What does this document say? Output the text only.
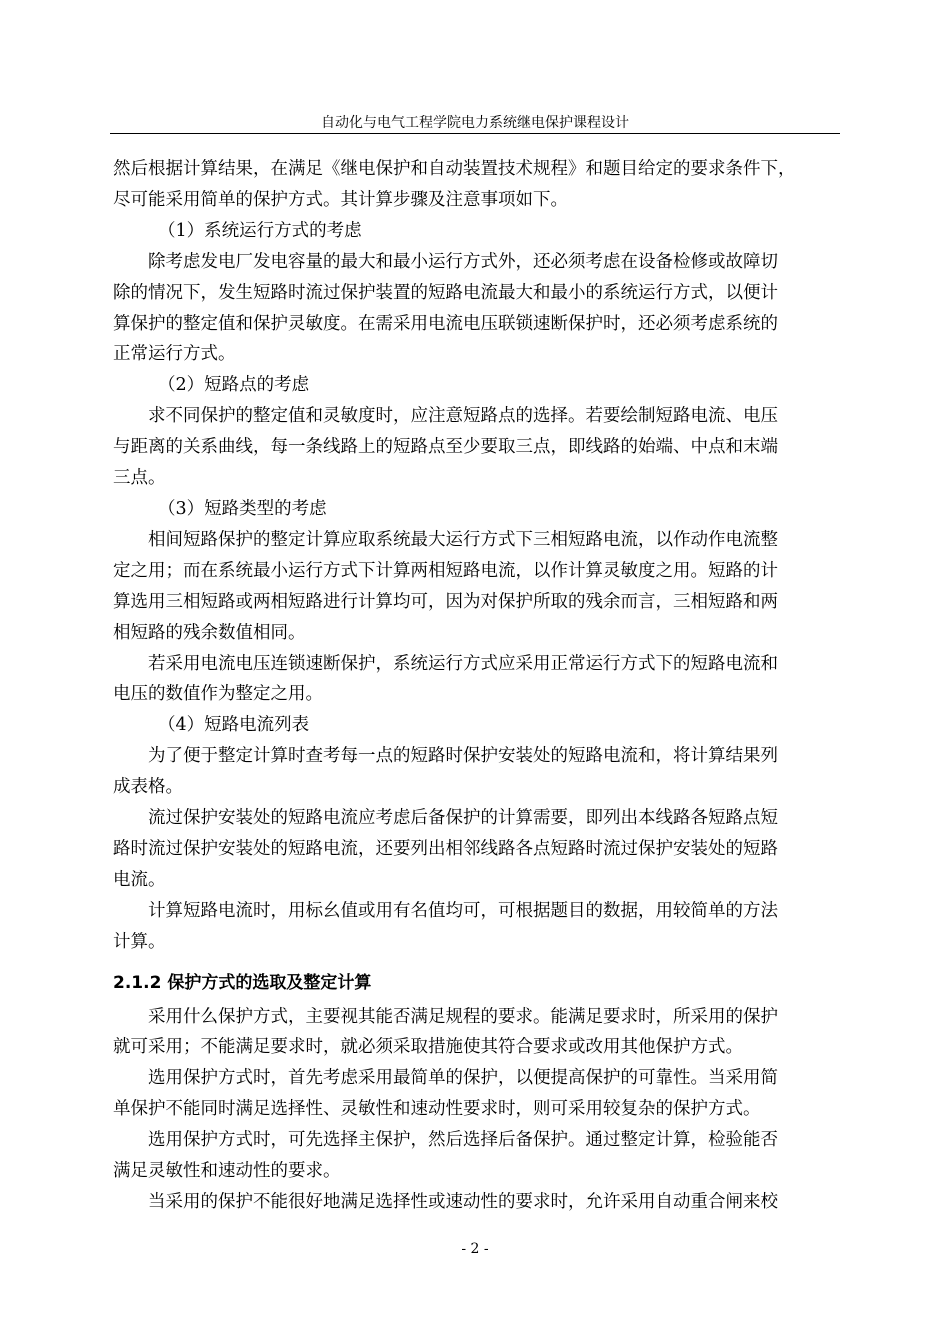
自动化与电气工程学院电力系统继电保护课程设计
然后根据计算结果，在满足《继电保护和自动装置技术规程》和题目给定的要求条件下，
尽可能采用简单的保护方式。其计算步骤及注意事项如下。
（1）系统运行方式的考虑
除考虑发电厂发电容量的最大和最小运行方式外，还必须考虑在设备检修或故障切
除的情况下，发生短路时流过保护装置的短路电流最大和最小的系统运行方式，以便计
算保护的整定值和保护灵敏度。在需采用电流电压联锁速断保护时，还必须考虑系统的
正常运行方式。
（2）短路点的考虑
求不同保护的整定值和灵敏度时，应注意短路点的选择。若要绘制短路电流、电压
与距离的关系曲线，每一条线路上的短路点至少要取三点，即线路的始端、中点和末端
三点。
（3）短路类型的考虑
相间短路保护的整定计算应取系统最大运行方式下三相短路电流，以作动作电流整
定之用；而在系统最小运行方式下计算两相短路电流，以作计算灵敏度之用。短路的计
算选用三相短路或两相短路进行计算均可，因为对保护所取的残余而言，三相短路和两
相短路的残余数值相同。
若采用电流电压连锁速断保护，系统运行方式应采用正常运行方式下的短路电流和
电压的数值作为整定之用。
（4）短路电流列表
为了便于整定计算时查考每一点的短路时保护安装处的短路电流和，将计算结果列
成表格。
流过保护安装处的短路电流应考虑后备保护的计算需要，即列出本线路各短路点短
路时流过保护安装处的短路电流，还要列出相邻线路各点短路时流过保护安装处的短路
电流。
计算短路电流时，用标幺值或用有名值均可，可根据题目的数据，用较简单的方法
计算。
2.1.2 保护方式的选取及整定计算
采用什么保护方式，主要视其能否满足规程的要求。能满足要求时，所采用的保护
就可采用；不能满足要求时，就必须采取措施使其符合要求或改用其他保护方式。
选用保护方式时，首先考虑采用最简单的保护，以便提高保护的可靠性。当采用简
单保护不能同时满足选择性、灵敏性和速动性要求时，则可采用较复杂的保护方式。
选用保护方式时，可先选择主保护，然后选择后备保护。通过整定计算，检验能否
满足灵敏性和速动性的要求。
当采用的保护不能很好地满足选择性或速动性的要求时，允许采用自动重合闸来校
- 2 -
